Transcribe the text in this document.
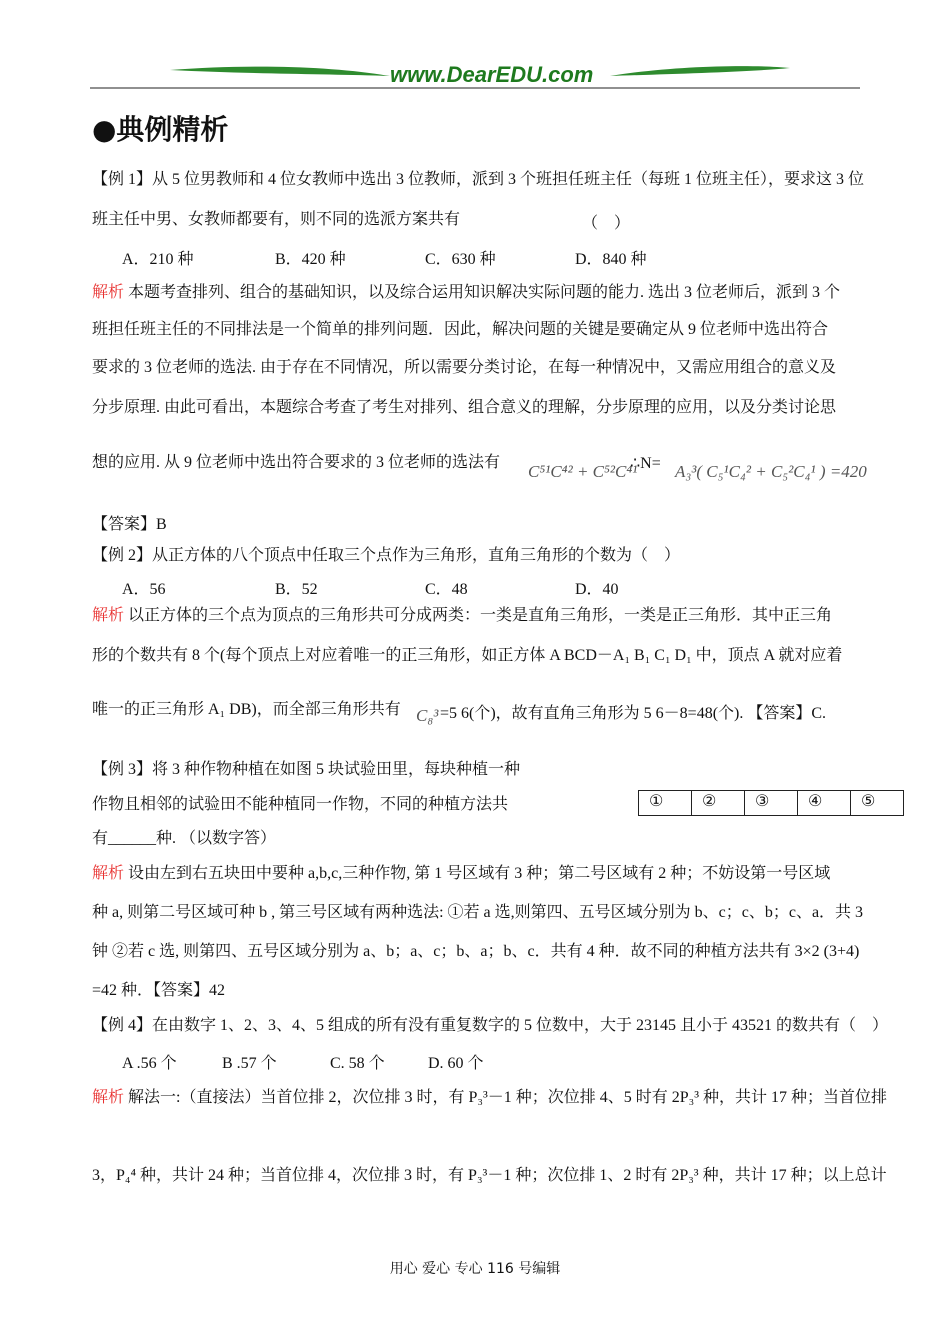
www.DearEDU.com
●典例精析
【例 1】从 5 位男教师和 4 位女教师中选出 3 位教师，派到 3 个班担任班主任（每班 1 位班主任），要求这 3 位
班主任中男、女教师都要有，则不同的选派方案共有	（　）
A．210 种	B．420 种	C．630 种	D．840 种
解析 本题考查排列、组合的基础知识，以及综合运用知识解决实际问题的能力. 选出 3 位老师后，派到 3 个
班担任班主任的不同排法是一个简单的排列问题．因此，解决问题的关键是要确定从 9 位老师中选出符合
要求的 3 位老师的选法. 由于存在不同情况，所以需要分类讨论，在每一种情况中，又需应用组合的意义及
分步原理. 由此可看出，本题综合考查了考生对排列、组合意义的理解，分步原理的应用，以及分类讨论思
想的应用. 从 9 位老师中选出符合要求的 3 位老师的选法有	C⁵¹C⁴² + C⁵²C⁴¹
∴N= A₃³( C₅¹C₄² + C₅²C₄¹ ) =420
【答案】B
【例 2】从正方体的八个顶点中任取三个点作为三角形，直角三角形的个数为（　）
A．56	B．52	C．48	D．40
解析 以正方体的三个点为顶点的三角形共可分成两类：一类是直角三角形，一类是正三角形．其中正三角
形的个数共有 8 个(每个顶点上对应着唯一的正三角形，如正方体 A BCD－A₁ B₁ C₁ D₁ 中，顶点 A 就对应着
唯一的正三角形 A₁ DB)，而全部三角形共有 C₈³ =5 6(个)，故有直角三角形为 5 6－8=48(个). 【答案】C.
【例 3】将 3 种作物种植在如图 5 块试验田里，每块种植一种
作物且相邻的试验田不能种植同一作物，不同的种植方法共
有______种. （以数字答）
①	②	③	④	⑤
解析 设由左到右五块田中要种 a,b,c,三种作物, 第 1 号区域有 3 种；第二号区域有 2 种；不妨设第一号区域
种 a, 则第二号区域可种 b , 第三号区域有两种选法: ①若 a 选,则第四、五号区域分别为 b、c；c、b；c、a．共 3
钟 ②若 c 选, 则第四、五号区域分别为 a、b；a、c；b、a；b、c．共有 4 种．故不同的种植方法共有 3×2 (3+4)
=42 种．【答案】42
【例 4】在由数字 1、2、3、4、5 组成的所有没有重复数字的 5 位数中，大于 23145 且小于 43521 的数共有（　）
A .56 个	B .57 个	C. 58 个	D. 60 个
解析 解法一:（直接法）当首位排 2，次位排 3 时，有 P₃³－1 种；次位排 4、5 时有 2P₃³ 种，共计 17 种；当首位排
3，P₄⁴ 种，共计 24 种；当首位排 4，次位排 3 时，有 P₃³－1 种；次位排 1、2 时有 2P₃³ 种，共计 17 种；以上总计
用心 爱心 专心 116 号编辑
